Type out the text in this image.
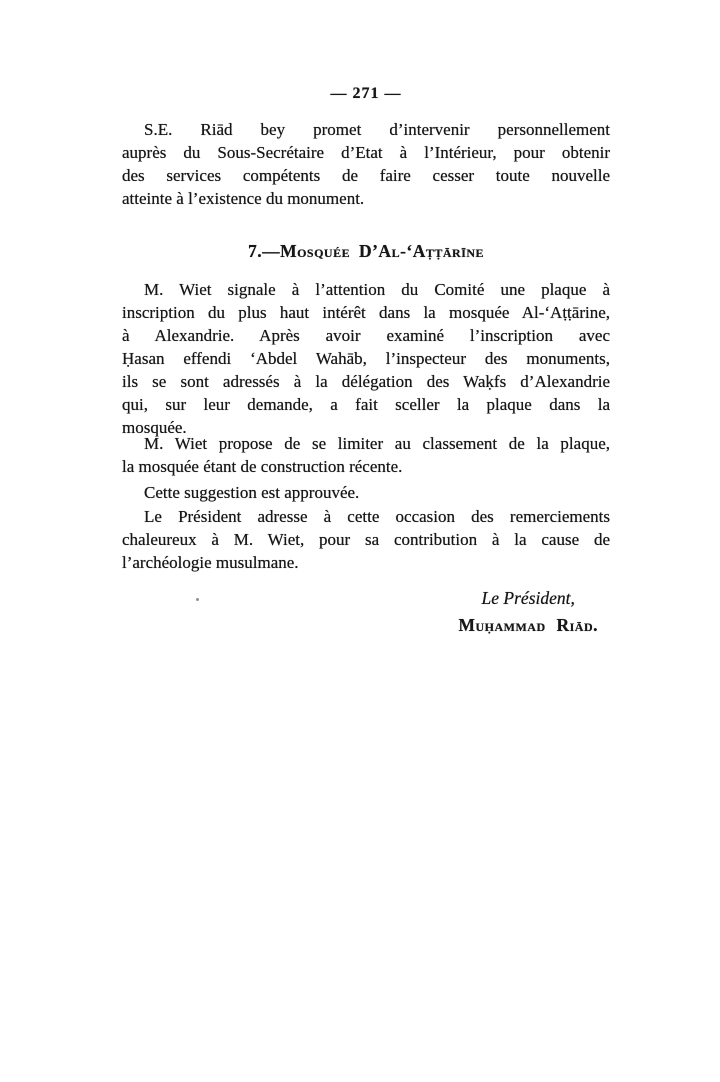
— 271 —
S.E. Riād bey promet d’intervenir personnellement
auprès du Sous-Secrétaire d’Etat à l’Intérieur, pour obtenir
des services compétents de faire cesser toute nouvelle
atteinte à l’existence du monument.
7.—Mosquée D’Al-‘Aṭṭārīne
M. Wiet signale à l’attention du Comité une plaque à
inscription du plus haut intérêt dans la mosquée Al-‘Aṭṭārine,
à Alexandrie. Après avoir examiné l’inscription avec
Ḥasan effendi ‘Abdel Wahāb, l’inspecteur des monuments,
ils se sont adressés à la délégation des Waḳfs d’Alexandrie
qui, sur leur demande, a fait sceller la plaque dans la
mosquée.
M. Wiet propose de se limiter au classement de la plaque,
la mosquée étant de construction récente.
Cette suggestion est approuvée.
Le Président adresse à cette occasion des remerciements
chaleureux à M. Wiet, pour sa contribution à la cause de
l’archéologie musulmane.
Le Président,
Muḥammad Riād.
